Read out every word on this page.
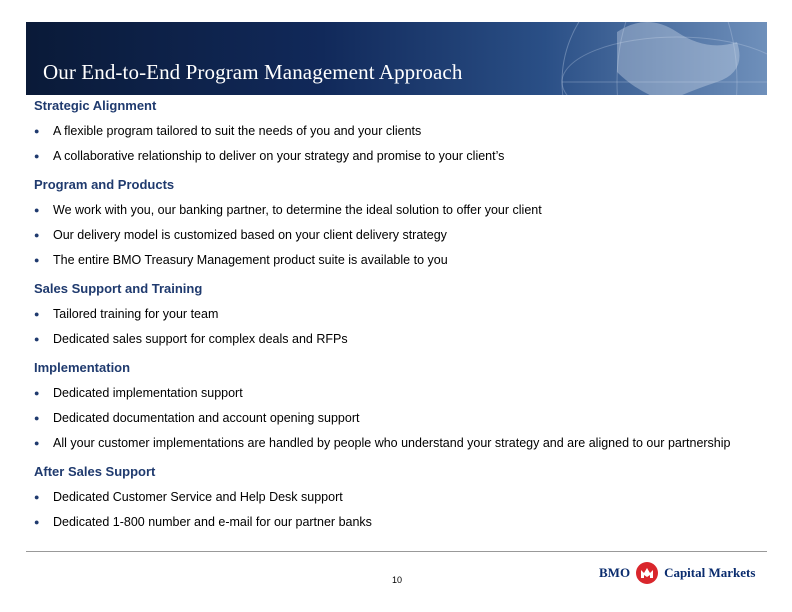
Our End-to-End Program Management Approach

Strategic Alignment

● A flexible program tailored to suit the needs of you and your clients
● A collaborative relationship to deliver on your strategy and promise to your client’s

Program and Products

● We work with you, our banking partner, to determine the ideal solution to offer your client
● Our delivery model is customized based on your client delivery strategy
● The entire BMO Treasury Management product suite is available to you

Sales Support and Training

● Tailored training for your team
● Dedicated sales support for complex deals and RFPs

Implementation

● Dedicated implementation support
● Dedicated documentation and account opening support
● All your customer implementations are handled by people who understand your strategy and are aligned to our partnership

After Sales Support

● Dedicated Customer Service and Help Desk support
● Dedicated 1-800 number and e-mail for our partner banks
10	BMO	Capital Markets
